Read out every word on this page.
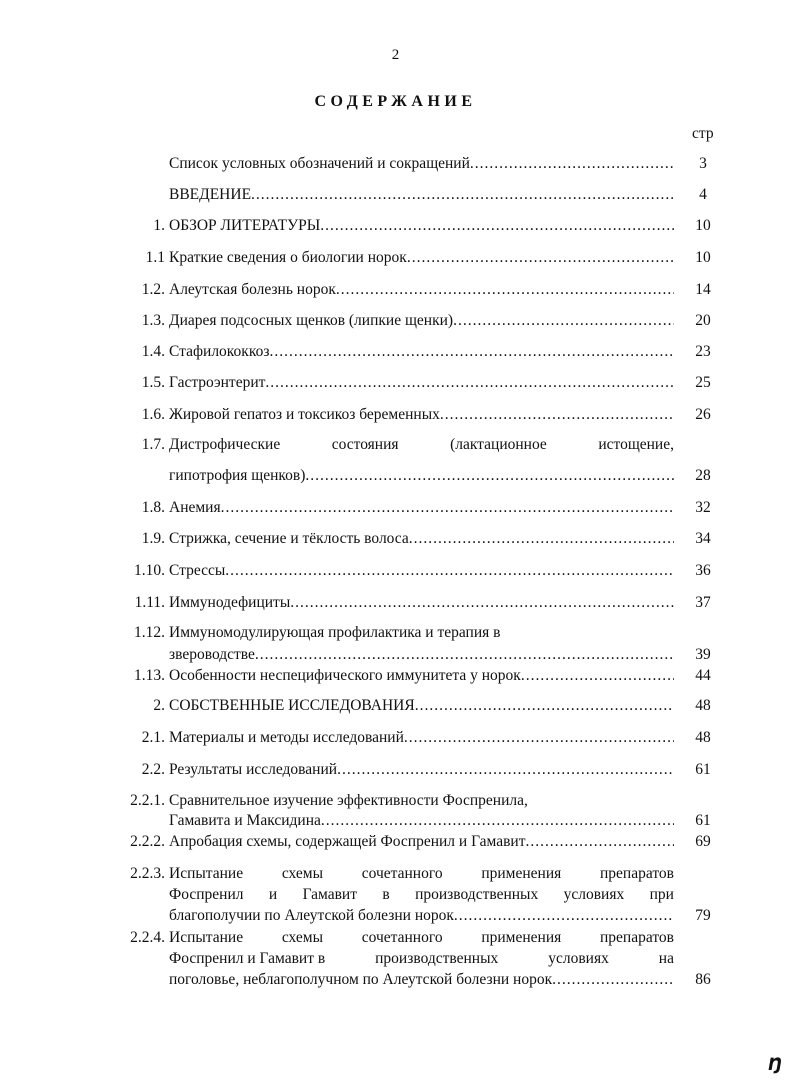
2
СОДЕРЖАНИЕ
стр
Список условных обозначений и сокращений .....	3
ВВЕДЕНИЕ .....	4
1. ОБЗОР ЛИТЕРАТУРЫ .....	10
1.1 Краткие сведения о биологии норок .....	10
1.2. Алеутская болезнь норок .....	14
1.3. Диарея подсосных щенков (липкие щенки) .....	20
1.4. Стафилококкоз .....	23
1.5. Гастроэнтерит .....	25
1.6. Жировой гепатоз и токсикоз беременных .....	26
1.7. Дистрофические	состояния	(лактационное	истощение,
гипотрофия щенков) .....	28
1.8. Анемия .....	32
1.9. Стрижка, сечение и тёклость волоса .....	34
1.10. Стрессы .....	36
1.11. Иммунодефициты .....	37
1.12. Иммуномодулирующая профилактика и терапия в
звероводстве .....	39
1.13. Особенности неспецифического иммунитета у норок .....	44
2. СОБСТВЕННЫЕ ИССЛЕДОВАНИЯ .....	48
2.1. Материалы и методы исследований .....	48
2.2. Результаты исследований .....	61
2.2.1. Сравнительное изучение эффективности Фоспренила,
Гамавита и Максидина .....	61
2.2.2. Апробация схемы, содержащей Фоспренил и Гамавит .....	69
2.2.3. Испытание	схемы	сочетанного	применения	препаратов
Фоспренил и Гамавит в производственных условиях при
благополучии по Алеутской болезни норок .....	79
2.2.4. Испытание	схемы	сочетанного	применения	препаратов
Фоспренил и Гамавит в	производственных	условиях	на
поголовье, неблагополучном по Алеутской болезни норок .....	86
Ŋ
